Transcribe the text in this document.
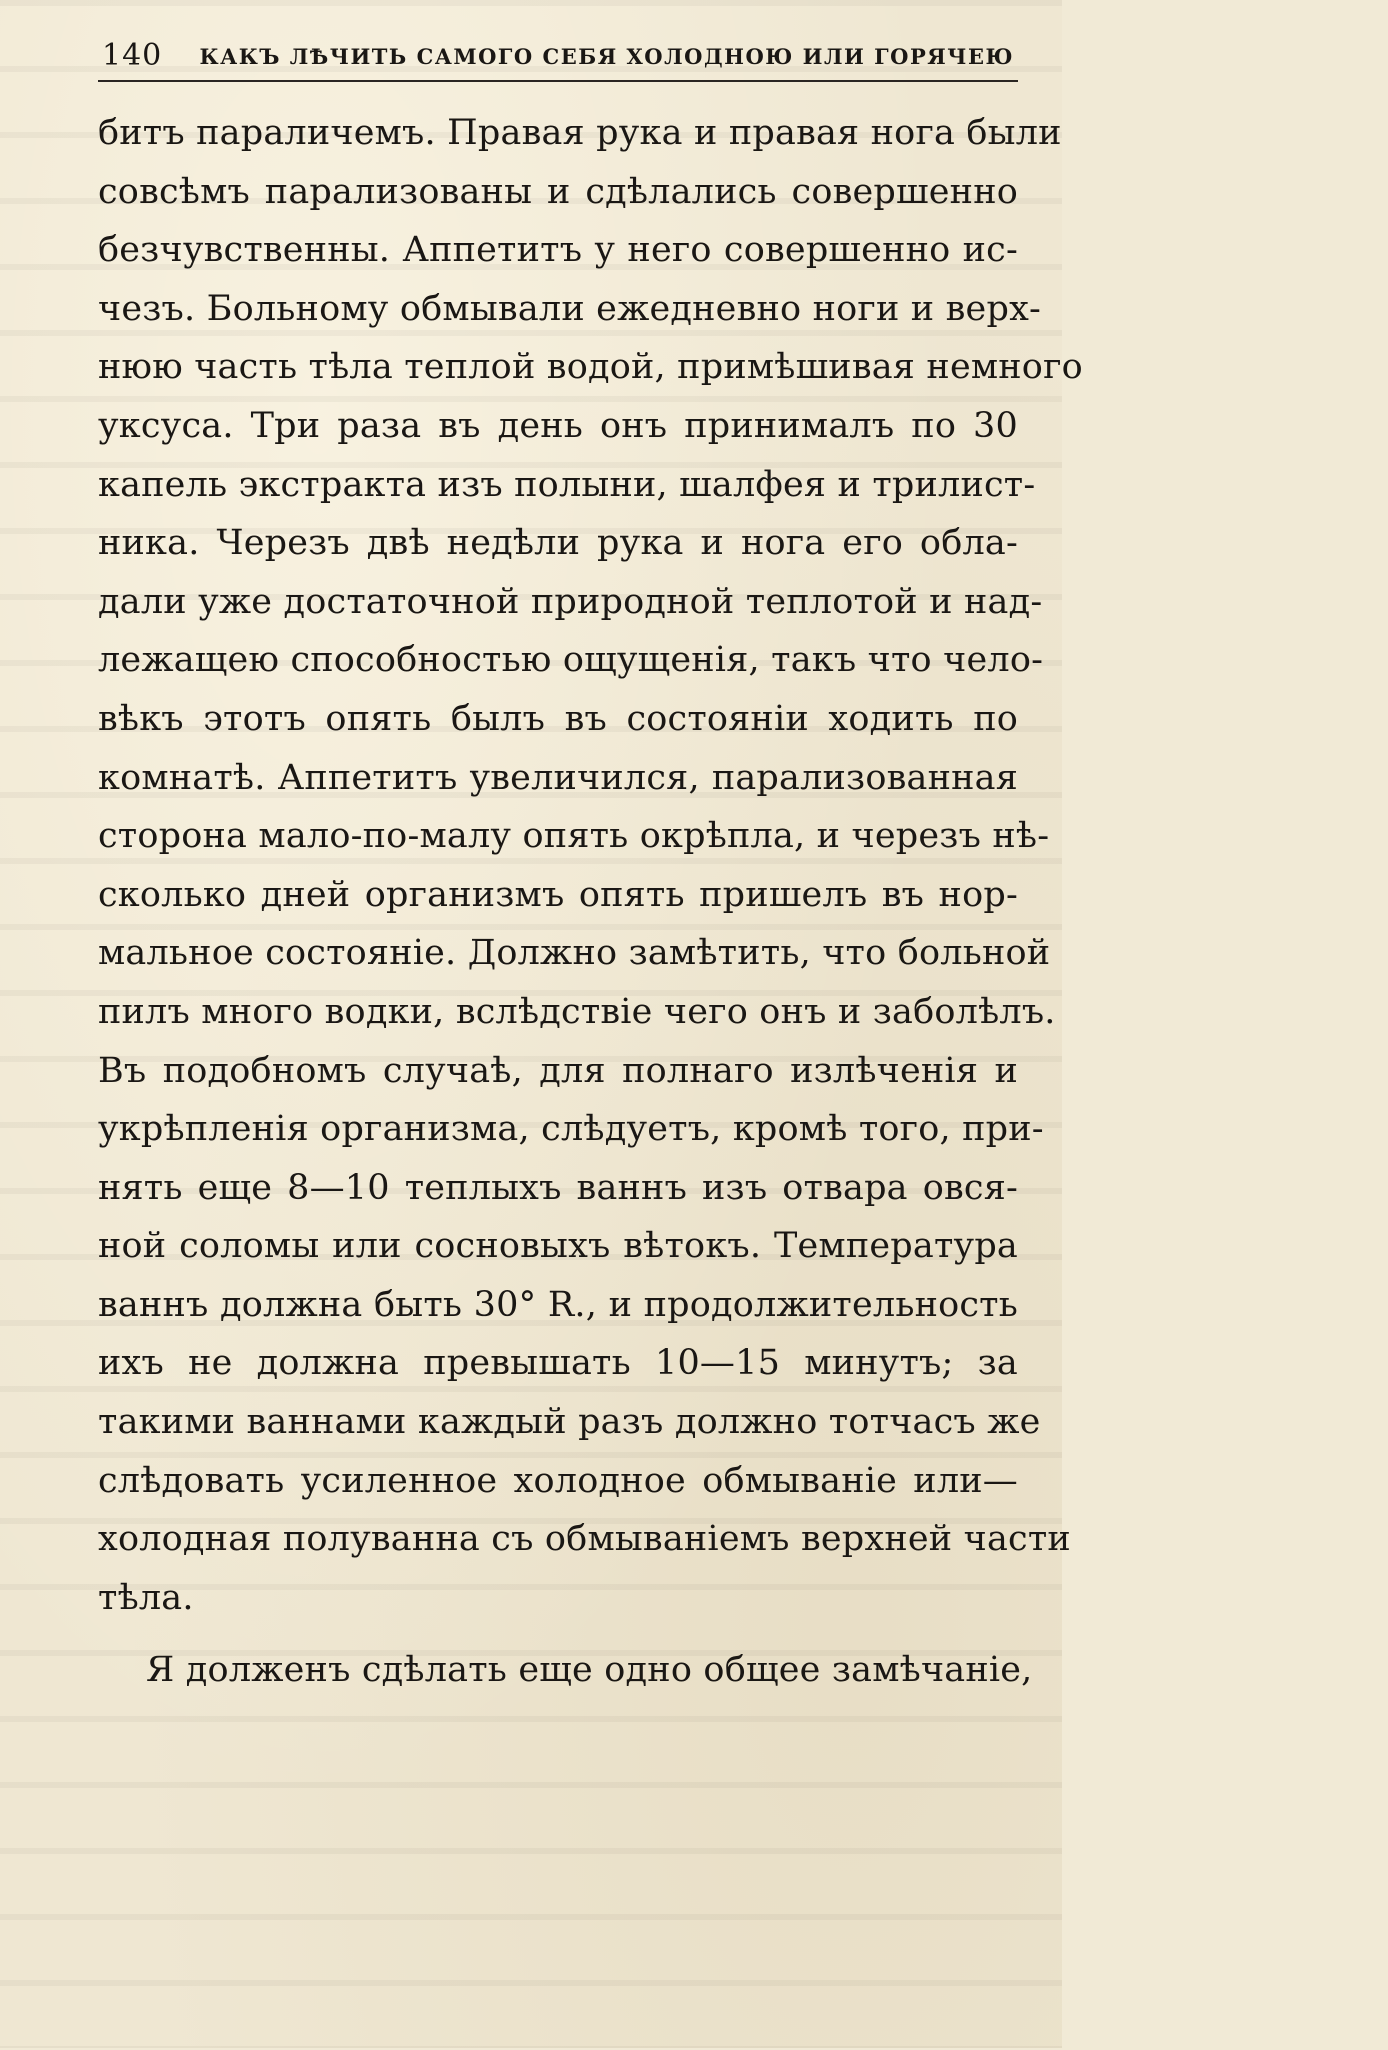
140 КАКЪ ЛѢЧИТЬ САМОГО СЕБЯ ХОЛОДНОЮ ИЛИ ГОРЯЧЕЮ
битъ параличемъ. Правая рука и правая нога были
совсѣмъ парализованы и сдѣлались совершенно
безчувственны. Аппетитъ у него совершенно ис-
чезъ. Больному обмывали ежедневно ноги и верх-
нюю часть тѣла теплой водой, примѣшивая немного
уксуса. Три раза въ день онъ принималъ по 30
капель экстракта изъ полыни, шалфея и трилист-
ника. Черезъ двѣ недѣли рука и нога его обла-
дали уже достаточной природной теплотой и над-
лежащею способностью ощущенія, такъ что чело-
вѣкъ этотъ опять былъ въ состояніи ходить по
комнатѣ. Аппетитъ увеличился, парализованная
сторона мало-по-малу опять окрѣпла, и черезъ нѣ-
сколько дней организмъ опять пришелъ въ нор-
мальное состояніе. Должно замѣтить, что больной
пилъ много водки, вслѣдствіе чего онъ и заболѣлъ.
Въ подобномъ случаѣ, для полнаго излѣченія и
укрѣпленія организма, слѣдуетъ, кромѣ того, при-
нять еще 8—10 теплыхъ ваннъ изъ отвара овся-
ной соломы или сосновыхъ вѣтокъ. Температура
ваннъ должна быть 30° R., и продолжительность
ихъ не должна превышать 10—15 минутъ; за
такими ваннами каждый разъ должно тотчасъ же
слѣдовать усиленное холодное обмываніе или—
холодная полуванна съ обмываніемъ верхней части
тѣла.
Я долженъ сдѣлать еще одно общее замѣчаніе,
